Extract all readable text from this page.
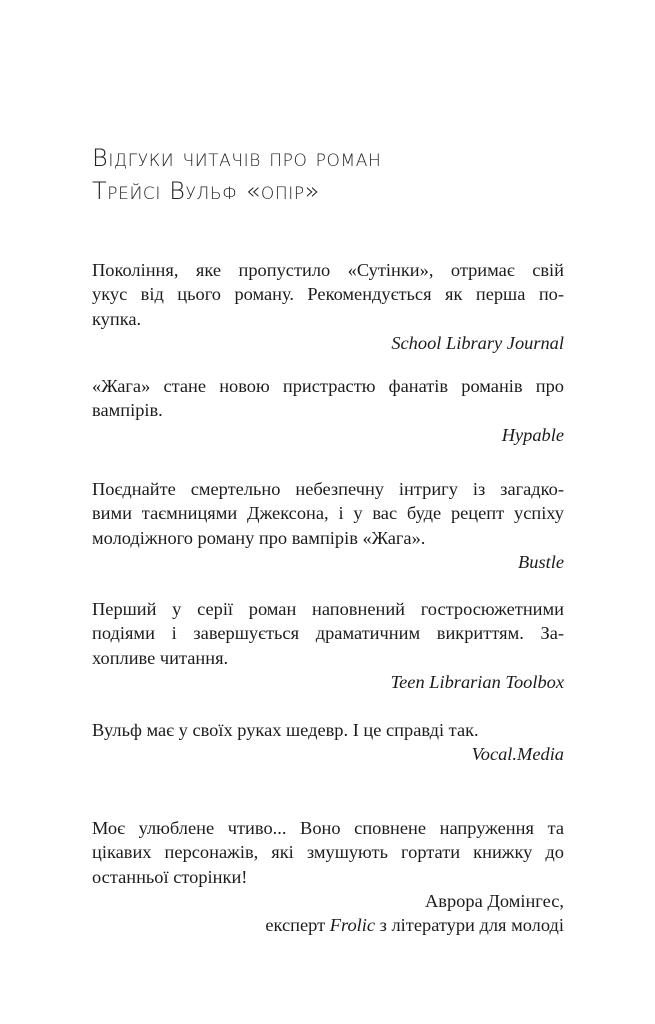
Відгуки читачів про роман
Трейсі Вульф «опір»
Покоління, яке пропустило «Сутінки», отримає свій
укус від цього роману. Рекомендується як перша по-
купка.
School Library Journal
«Жага» стане новою пристрастю фанатів романів про
вампірів.
Hypable
Поєднайте смертельно небезпечну інтригу із загадко-
вими таємницями Джексона, і у вас буде рецепт успіху
молодіжного роману про вампірів «Жага».
Bustle
Перший у серії роман наповнений гостросюжетними
подіями і завершується драматичним викриттям. За-
хопливе читання.
Teen Librarian Toolbox
Вульф має у своїх руках шедевр. І це справді так.
Vocal.Media
Моє улюблене чтиво... Воно сповнене напруження та
цікавих персонажів, які змушують гортати книжку до
останньої сторінки!
Аврора Домінгес,
експерт Frolic з літератури для молоді
